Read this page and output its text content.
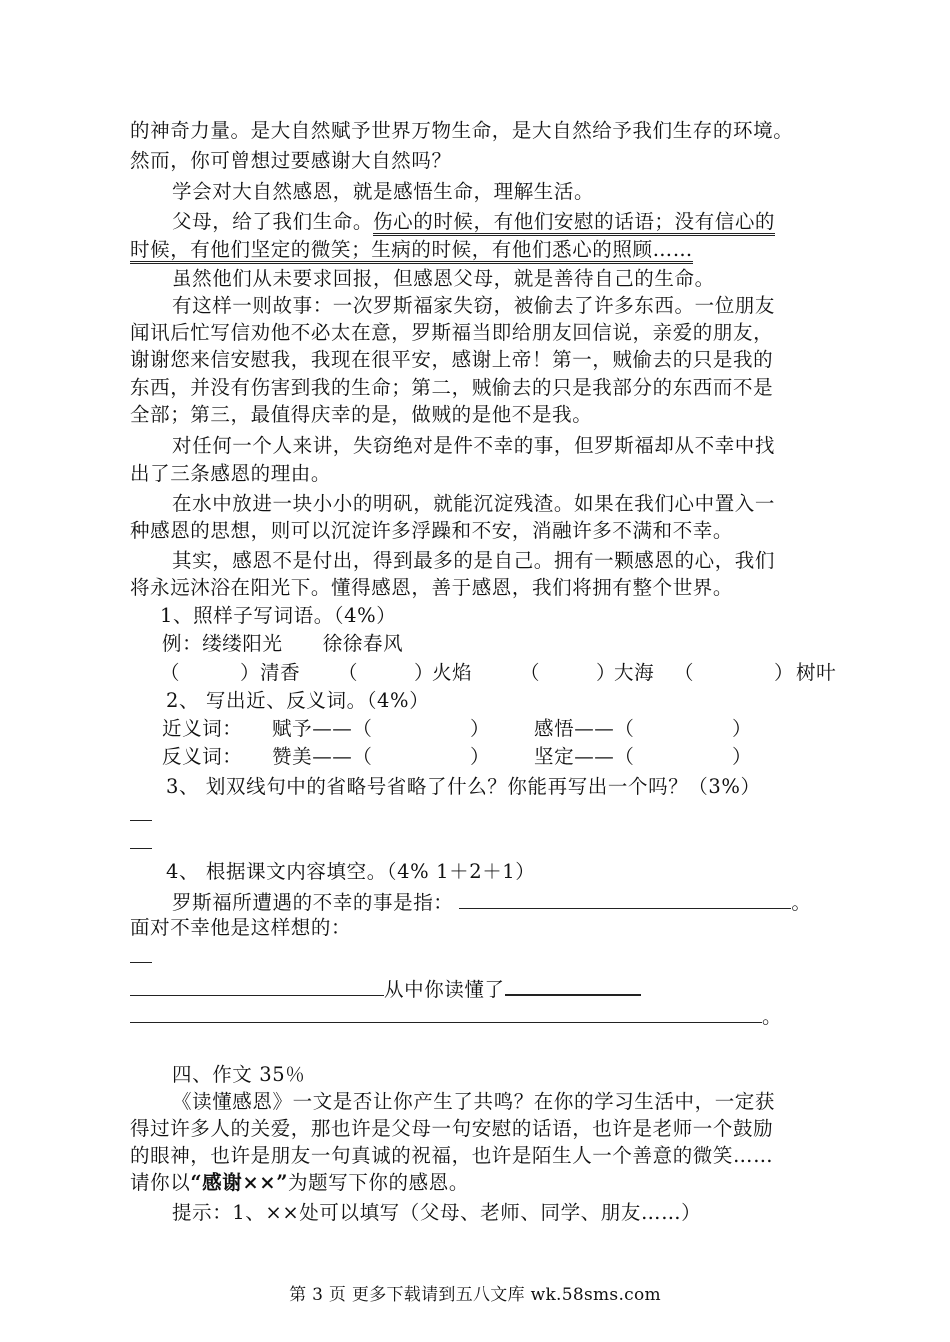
的神奇力量。是大自然赋予世界万物生命，是大自然给予我们生存的环境。
然而，你可曾想过要感谢大自然吗？
学会对大自然感恩，就是感悟生命，理解生活。
父母，给了我们生命。伤心的时候，有他们安慰的话语；没有信心的
时候，有他们坚定的微笑；生病的时候，有他们悉心的照顾……
虽然他们从未要求回报，但感恩父母，就是善待自己的生命。
有这样一则故事：一次罗斯福家失窃，被偷去了许多东西。一位朋友
闻讯后忙写信劝他不必太在意，罗斯福当即给朋友回信说，亲爱的朋友，
谢谢您来信安慰我，我现在很平安，感谢上帝！第一，贼偷去的只是我的
东西，并没有伤害到我的生命；第二，贼偷去的只是我部分的东西而不是
全部；第三，最值得庆幸的是，做贼的是他不是我。
对任何一个人来讲，失窃绝对是件不幸的事，但罗斯福却从不幸中找
出了三条感恩的理由。
在水中放进一块小小的明矾，就能沉淀残渣。如果在我们心中置入一
种感恩的思想，则可以沉淀许多浮躁和不安，消融许多不满和不幸。
其实，感恩不是付出，得到最多的是自己。拥有一颗感恩的心，我们
将永远沐浴在阳光下。懂得感恩，善于感恩，我们将拥有整个世界。
1、照样子写词语。（4%）
例：缕缕阳光　　徐徐春风
（	） 清香 （	）
火焰 （	）
大海 （	） 树叶
2、 写出近、反义词。（4%）
近义词： 赋予——（	） 感悟——（	）
反义词： 赞美——（	） 坚定——（	）
3、 划双线句中的省略号省略了什么？你能再写出一个吗？（3%）
4、 根据课文内容填空。（4% 1＋2＋1）
罗斯福所遭遇的不幸的事是指：	。
面对不幸他是这样想的：
从中你读懂了
。
四、作文 35％
《读懂感恩》一文是否让你产生了共鸣？在你的学习生活中，一定获
得过许多人的关爱，那也许是父母一句安慰的话语，也许是老师一个鼓励
的眼神，也许是朋友一句真诚的祝福，也许是陌生人一个善意的微笑……
请你以“感谢××”为题写下你的感恩。
提示：1、××处可以填写（父母、老师、同学、朋友……）
第 3 页 更多下载请到五八文库 wk.58sms.com
